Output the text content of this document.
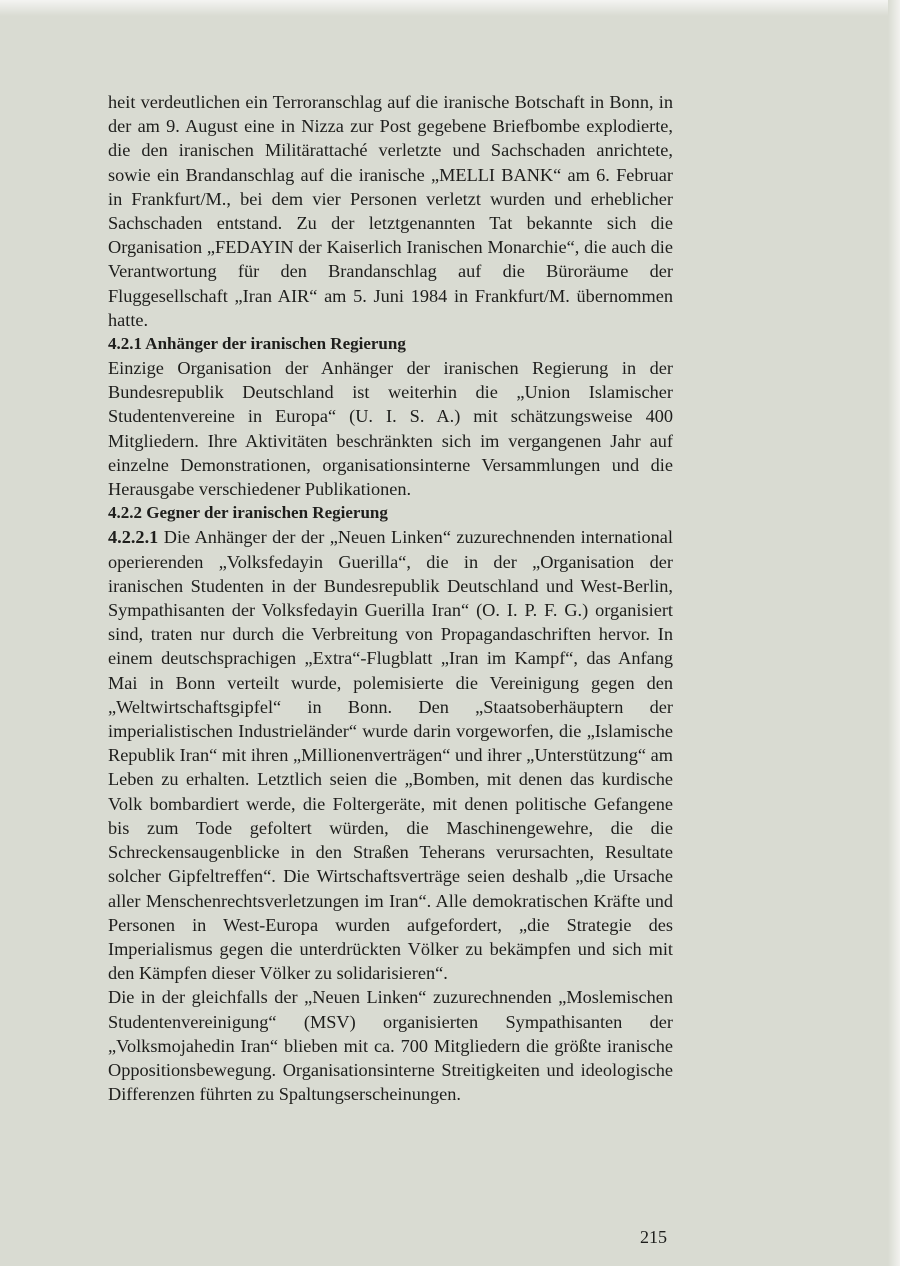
heit verdeutlichen ein Terroranschlag auf die iranische Botschaft in Bonn, in der am 9. August eine in Nizza zur Post gegebene Briefbombe explodierte, die den iranischen Militärattaché verletzte und Sachschaden anrichtete, sowie ein Brandanschlag auf die iranische „MELLI BANK“ am 6. Februar in Frankfurt/M., bei dem vier Personen verletzt wurden und erheblicher Sachschaden entstand. Zu der letztgenannten Tat bekannte sich die Organisation „FEDAYIN der Kaiserlich Iranischen Monarchie“, die auch die Verantwortung für den Brandanschlag auf die Büroräume der Fluggesellschaft „Iran AIR“ am 5. Juni 1984 in Frankfurt/M. übernommen hatte.

4.2.1 Anhänger der iranischen Regierung

Einzige Organisation der Anhänger der iranischen Regierung in der Bundesrepublik Deutschland ist weiterhin die „Union Islamischer Studentenvereine in Europa“ (U. I. S. A.) mit schätzungsweise 400 Mitgliedern. Ihre Aktivitäten beschränkten sich im vergangenen Jahr auf einzelne Demonstrationen, organisationsinterne Versammlungen und die Herausgabe verschiedener Publikationen.

4.2.2 Gegner der iranischen Regierung

4.2.2.1 Die Anhänger der der „Neuen Linken“ zuzurechnenden international operierenden „Volksfedayin Guerilla“, die in der „Organisation der iranischen Studenten in der Bundesrepublik Deutschland und West-Berlin, Sympathisanten der Volksfedayin Guerilla Iran“ (O. I. P. F. G.) organisiert sind, traten nur durch die Verbreitung von Propagandaschriften hervor. In einem deutschsprachigen „Extra“-Flugblatt „Iran im Kampf“, das Anfang Mai in Bonn verteilt wurde, polemisierte die Vereinigung gegen den „Weltwirtschaftsgipfel“ in Bonn. Den „Staatsoberhäuptern der imperialistischen Industrieländer“ wurde darin vorgeworfen, die „Islamische Republik Iran“ mit ihren „Millionenverträgen“ und ihrer „Unterstützung“ am Leben zu erhalten. Letztlich seien die „Bomben, mit denen das kurdische Volk bombardiert werde, die Foltergeräte, mit denen politische Gefangene bis zum Tode gefoltert würden, die Maschinengewehre, die die Schreckensaugenblicke in den Straßen Teherans verursachten, Resultate solcher Gipfeltreffen“. Die Wirtschaftsverträge seien deshalb „die Ursache aller Menschenrechtsverletzungen im Iran“. Alle demokratischen Kräfte und Personen in West-Europa wurden aufgefordert, „die Strategie des Imperialismus gegen die unterdrückten Völker zu bekämpfen und sich mit den Kämpfen dieser Völker zu solidarisieren“.

Die in der gleichfalls der „Neuen Linken“ zuzurechnenden „Moslemischen Studentenvereinigung“ (MSV) organisierten Sympathisanten der „Volksmojahedin Iran“ blieben mit ca. 700 Mitgliedern die größte iranische Oppositionsbewegung. Organisationsinterne Streitigkeiten und ideologische Differenzen führten zu Spaltungserscheinungen.

215
